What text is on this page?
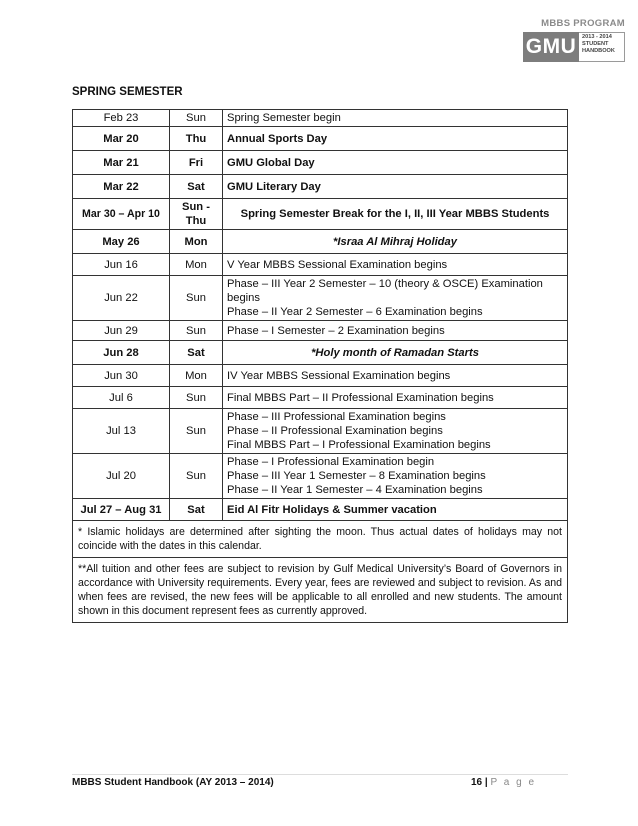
MBBS PROGRAM
GMU	2013 - 2014
STUDENT
HANDBOOK
SPRING SEMESTER
Feb 23	Sun	Spring Semester begin
Mar 20	Thu	Annual Sports Day
Mar 21	Fri	GMU Global Day
Mar 22	Sat	GMU Literary Day
Mar 30 – Apr 10	Sun - Thu	Spring Semester Break for the I, II, III Year MBBS Students
May 26	Mon	*Israa Al Mihraj Holiday
Jun 16	Mon	V Year MBBS Sessional Examination begins
Jun 22	Sun	Phase – III Year 2 Semester – 10 (theory & OSCE) Examination
begins
Phase – II Year 2 Semester – 6 Examination begins

Jun 29	Sun	Phase – I Semester – 2 Examination begins
Jun 28	Sat	*Holy month of Ramadan Starts
Jun 30	Mon	IV Year MBBS Sessional Examination begins
Jul 6	Sun	Final MBBS Part – II Professional Examination begins
Jul 13	Sun	Phase – III Professional Examination begins
Phase – II Professional Examination begins
Final MBBS Part – I Professional Examination begins

Jul 20	Sun	Phase – I Professional Examination begin
Phase – III Year 1 Semester – 8 Examination begins
Phase – II Year 1 Semester – 4 Examination begins

Jul 27 – Aug 31	Sat	Eid Al Fitr Holidays & Summer vacation
* Islamic holidays are determined after sighting the moon. Thus actual dates of holidays may not coincide with the dates in this calendar.		
**All tuition and other fees are subject to revision by Gulf Medical University’s Board of Governors in accordance with University requirements. Every year, fees are reviewed and subject to revision. As and when fees are revised, the new fees will be applicable to all enrolled and new students. The amount shown in this document represent fees as currently approved.		
MBBS Student Handbook (AY 2013 – 2014)	16 | P a g e
